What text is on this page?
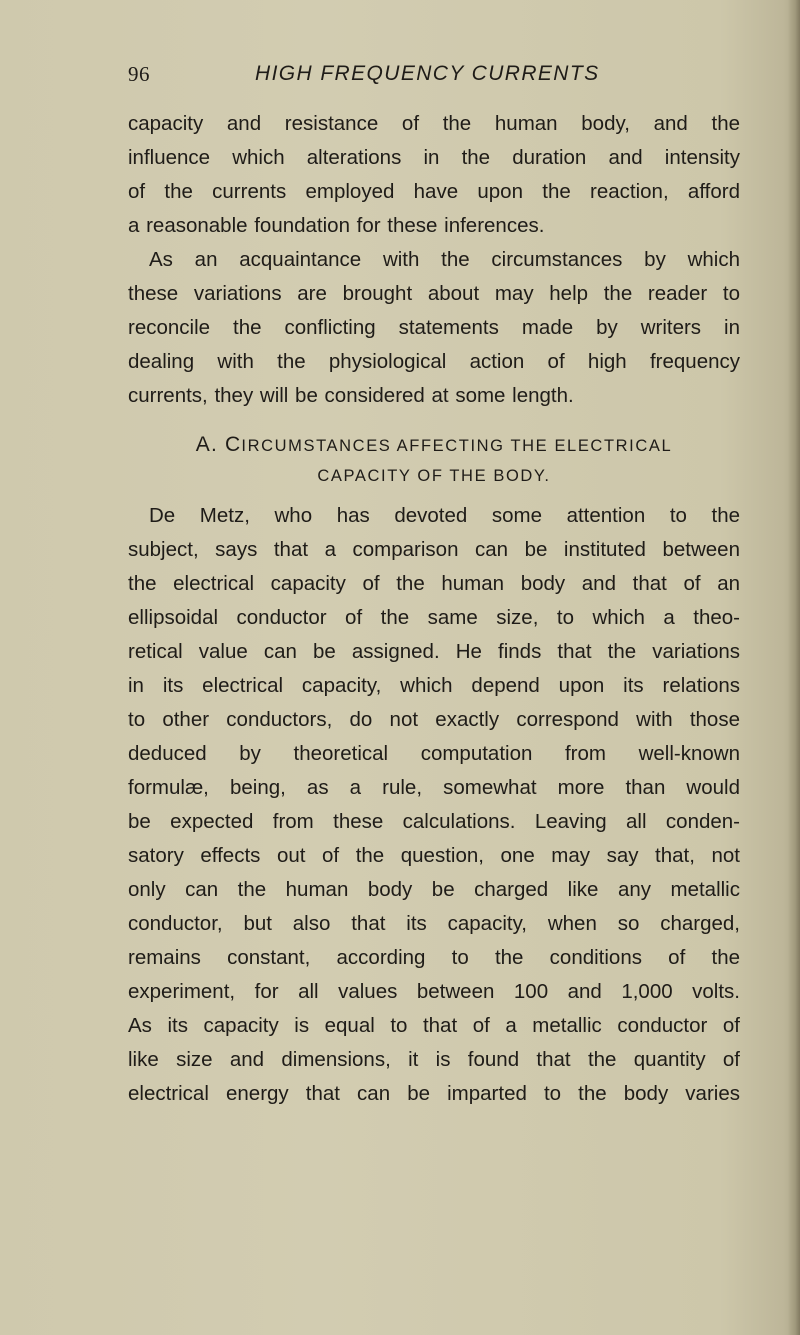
96	HIGH FREQUENCY CURRENTS
capacity and resistance of the human body, and the
influence which alterations in the duration and intensity
of the currents employed have upon the reaction, afford
a reasonable foundation for these inferences.
As an acquaintance with the circumstances by which
these variations are brought about may help the reader to
reconcile the conflicting statements made by writers in
dealing with the physiological action of high frequency
currents, they will be considered at some length.
A. CIRCUMSTANCES AFFECTING THE ELECTRICAL
CAPACITY OF THE BODY.
De Metz, who has devoted some attention to the
subject, says that a comparison can be instituted between
the electrical capacity of the human body and that of an
ellipsoidal conductor of the same size, to which a theo-
retical value can be assigned. He finds that the variations
in its electrical capacity, which depend upon its relations
to other conductors, do not exactly correspond with those
deduced by theoretical computation from well-known
formulæ, being, as a rule, somewhat more than would
be expected from these calculations. Leaving all conden-
satory effects out of the question, one may say that, not
only can the human body be charged like any metallic
conductor, but also that its capacity, when so charged,
remains constant, according to the conditions of the
experiment, for all values between 100 and 1,000 volts.
As its capacity is equal to that of a metallic conductor of
like size and dimensions, it is found that the quantity of
electrical energy that can be imparted to the body varies
